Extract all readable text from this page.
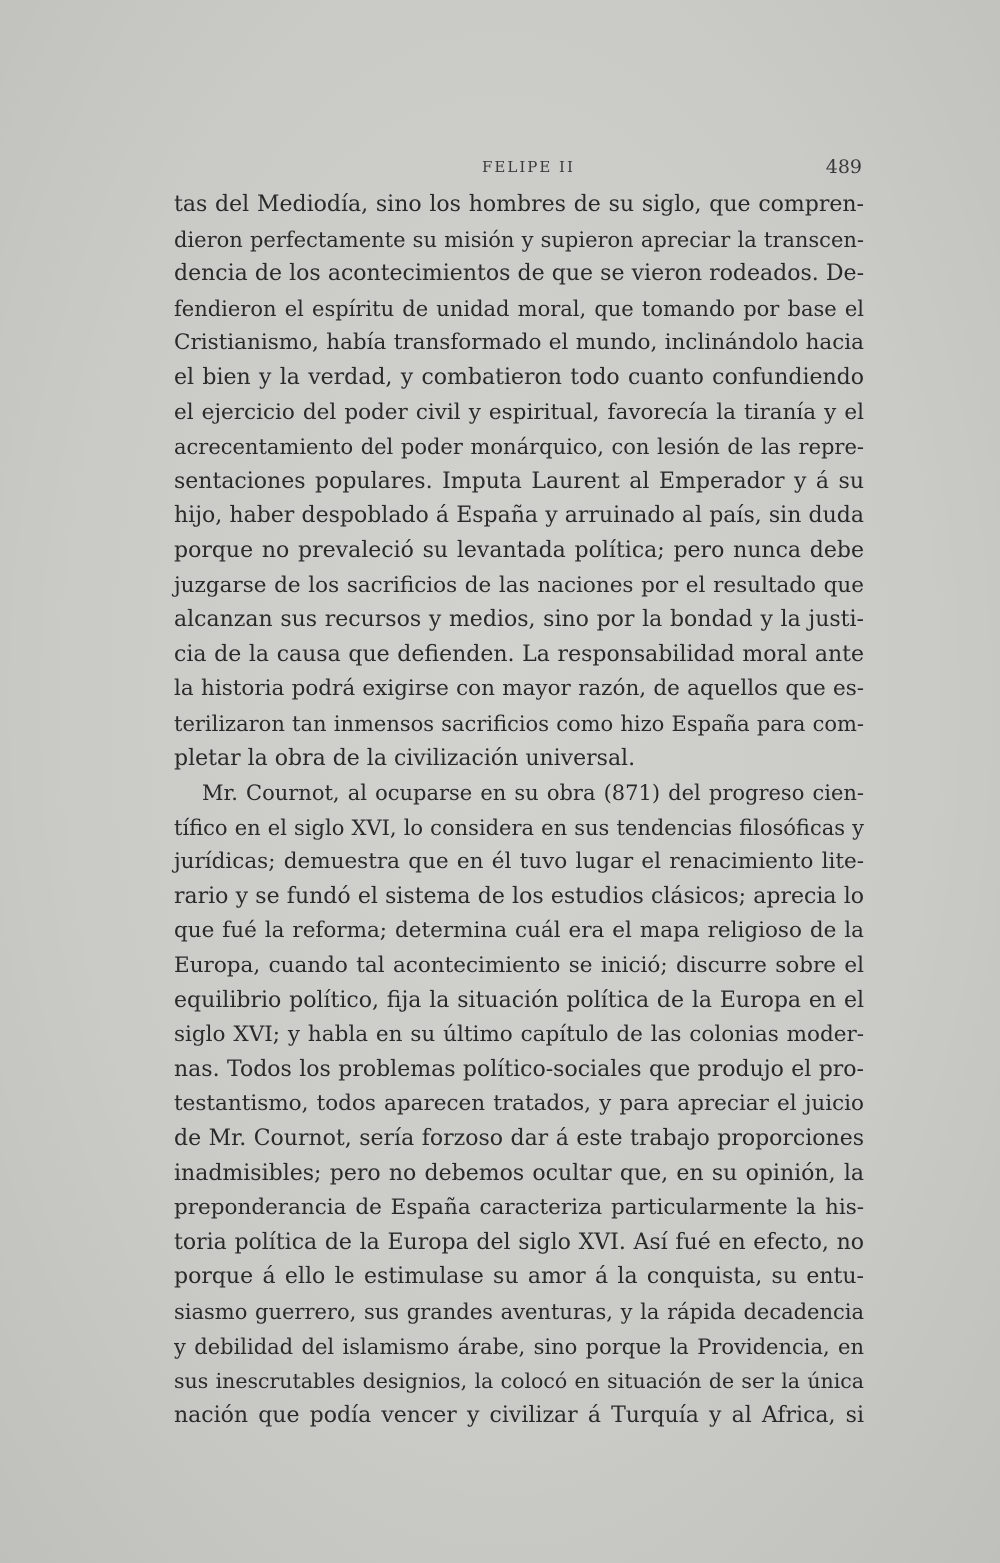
FELIPE II	489
tas del Mediodía, sino los hombres de su siglo, que compren-
dieron perfectamente su misión y supieron apreciar la transcen-
dencia de los acontecimientos de que se vieron rodeados. De-
fendieron el espíritu de unidad moral, que tomando por base el
Cristianismo, había transformado el mundo, inclinándolo hacia
el bien y la verdad, y combatieron todo cuanto confundiendo
el ejercicio del poder civil y espiritual, favorecía la tiranía y el
acrecentamiento del poder monárquico, con lesión de las repre-
sentaciones populares. Imputa Laurent al Emperador y á su
hijo, haber despoblado á España y arruinado al país, sin duda
porque no prevaleció su levantada política; pero nunca debe
juzgarse de los sacrificios de las naciones por el resultado que
alcanzan sus recursos y medios, sino por la bondad y la justi-
cia de la causa que defienden. La responsabilidad moral ante
la historia podrá exigirse con mayor razón, de aquellos que es-
terilizaron tan inmensos sacrificios como hizo España para com-
pletar la obra de la civilización universal.
Mr. Cournot, al ocuparse en su obra (871) del progreso cien-
tífico en el siglo XVI, lo considera en sus tendencias filosóficas y
jurídicas; demuestra que en él tuvo lugar el renacimiento lite-
rario y se fundó el sistema de los estudios clásicos; aprecia lo
que fué la reforma; determina cuál era el mapa religioso de la
Europa, cuando tal acontecimiento se inició; discurre sobre el
equilibrio político, fija la situación política de la Europa en el
siglo XVI; y habla en su último capítulo de las colonias moder-
nas. Todos los problemas político-sociales que produjo el pro-
testantismo, todos aparecen tratados, y para apreciar el juicio
de Mr. Cournot, sería forzoso dar á este trabajo proporciones
inadmisibles; pero no debemos ocultar que, en su opinión, la
preponderancia de España caracteriza particularmente la his-
toria política de la Europa del siglo XVI. Así fué en efecto, no
porque á ello le estimulase su amor á la conquista, su entu-
siasmo guerrero, sus grandes aventuras, y la rápida decadencia
y debilidad del islamismo árabe, sino porque la Providencia, en
sus inescrutables designios, la colocó en situación de ser la única
nación que podía vencer y civilizar á Turquía y al Africa, si
